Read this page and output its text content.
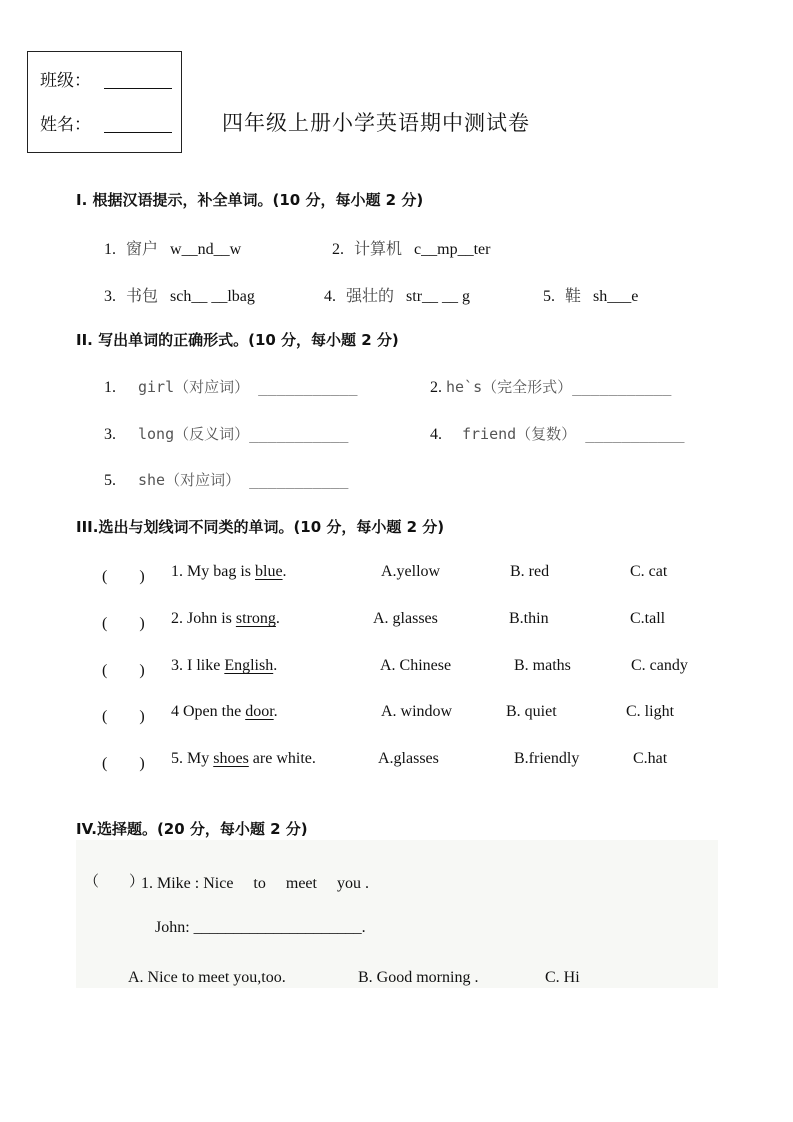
班级：
姓名：	四年级上册小学英语期中测试卷
I. 根据汉语提示，补全单词。(10 分，每小题 2 分)
1. 窗户 w__nd__w	2. 计算机 c__mp__ter
3. 书包 sch__ __lbag	4. 强壮的 str__ __ g	5. 鞋 sh___e
II. 写出单词的正确形式。(10 分，每小题 2 分)
1. girl（对应词） ___________	2. he`s（完全形式）___________
3. long（反义词）___________	4. friend（复数） ___________
5. she（对应词） ___________
III.选出与划线词不同类的单词。(10 分，每小题 2 分)
(　　) 1. My bag is blue.	A.yellow	B. red	C. cat
(　　) 2. John is strong.	A. glasses	B.thin	C.tall
(　　) 3. I like English.	A. Chinese	B. maths	C. candy
(　　) 4 Open the door.	A. window	B. quiet	C. light
(　　) 5. My shoes are white.	A.glasses	B.friendly	C.hat
IV.选择题。(20 分，每小题 2 分)
（　　）
1. Mike : Nice　 to　 meet　 you .
John: _____________________.
A. Nice to meet you,too.	B. Good morning .	C. Hi
